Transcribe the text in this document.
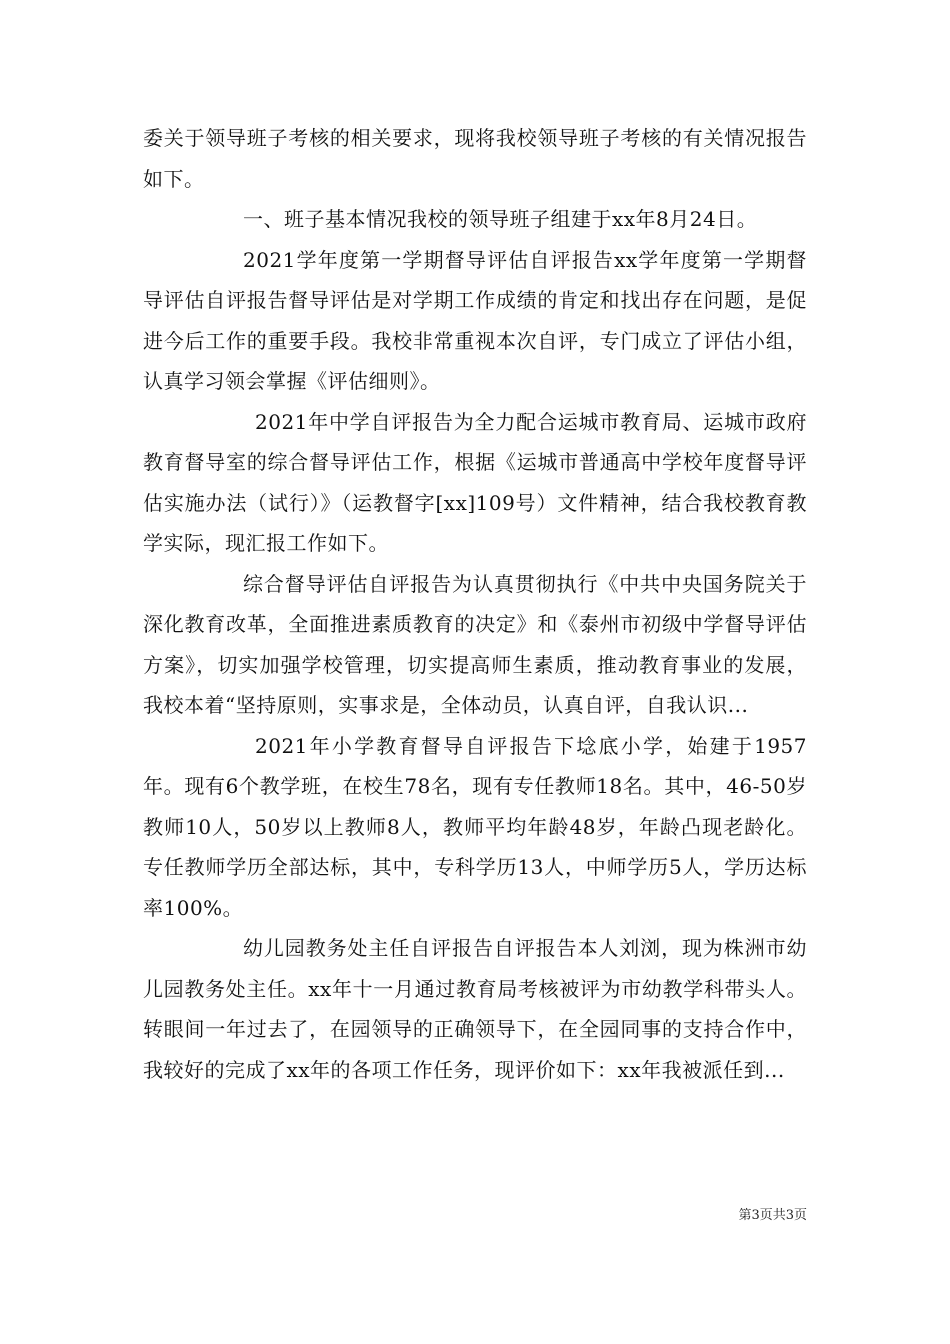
委关于领导班子考核的相关要求，现将我校领导班子考核的有关情况报告如下。

一、班子基本情况我校的领导班子组建于xx年8月24日。

2021学年度第一学期督导评估自评报告xx学年度第一学期督导评估自评报告督导评估是对学期工作成绩的肯定和找出存在问题，是促进今后工作的重要手段。我校非常重视本次自评，专门成立了评估小组，认真学习领会掌握《评估细则》。

2021年中学自评报告为全力配合运城市教育局、运城市政府教育督导室的综合督导评估工作，根据《运城市普通高中学校年度督导评估实施办法（试行）》（运教督字[xx]109号）文件精神，结合我校教育教学实际，现汇报工作如下。

综合督导评估自评报告为认真贯彻执行《中共中央国务院关于深化教育改革，全面推进素质教育的决定》和《泰州市初级中学督导评估方案》，切实加强学校管理，切实提高师生素质，推动教育事业的发展，我校本着“坚持原则，实事求是，全体动员，认真自评，自我认识...

2021年小学教育督导自评报告下埝底小学，始建于1957年。现有6个教学班，在校生78名，现有专任教师18名。其中，46-50岁教师10人，50岁以上教师8人，教师平均年龄48岁，年龄凸现老龄化。专任教师学历全部达标，其中，专科学历13人，中师学历5人，学历达标率100%。

幼儿园教务处主任自评报告自评报告本人刘浏，现为株洲市幼儿园教务处主任。xx年十一月通过教育局考核被评为市幼教学科带头人。转眼间一年过去了，在园领导的正确领导下，在全园同事的支持合作中，我较好的完成了xx年的各项工作任务，现评价如下：xx年我被派任到...

第3页共3页
